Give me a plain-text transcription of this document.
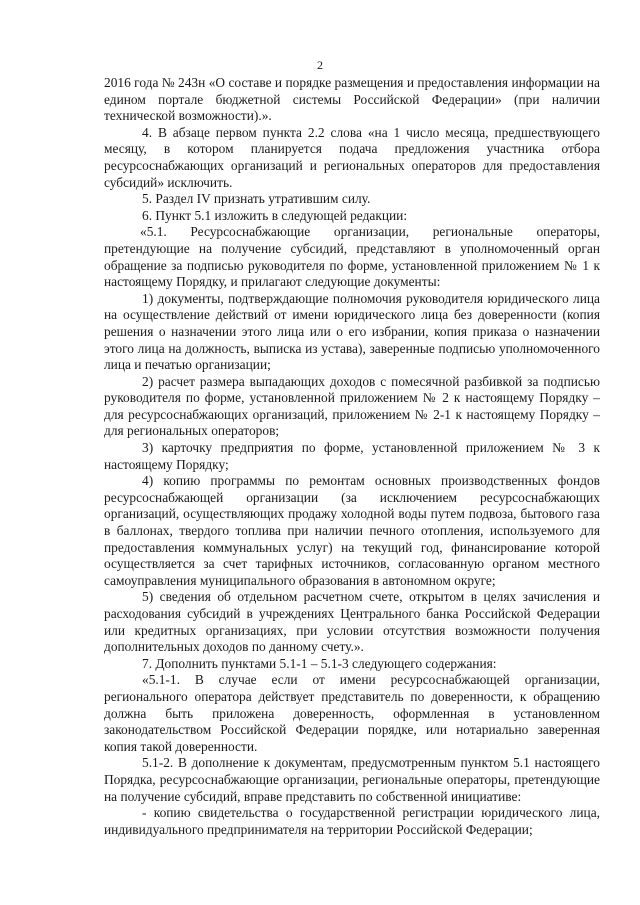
2

2016 года № 243н «О составе и порядке размещения и предоставления информации на едином портале бюджетной системы Российской Федерации» (при наличии технической возможности).».

4. В абзаце первом пункта 2.2 слова «на 1 число месяца, предшествующего месяцу, в котором планируется подача предложения участника отбора ресурсоснабжающих организаций и региональных операторов для предоставления субсидий» исключить.

5. Раздел IV признать утратившим силу.

6. Пункт 5.1 изложить в следующей редакции:

«5.1. Ресурсоснабжающие организации, региональные операторы, претендующие на получение субсидий, представляют в уполномоченный орган обращение за подписью руководителя по форме, установленной приложением № 1 к настоящему Порядку, и прилагают следующие документы:

1) документы, подтверждающие полномочия руководителя юридического лица на осуществление действий от имени юридического лица без доверенности (копия решения о назначении этого лица или о его избрании, копия приказа о назначении этого лица на должность, выписка из устава), заверенные подписью уполномоченного лица и печатью организации;

2) расчет размера выпадающих доходов с помесячной разбивкой за подписью руководителя по форме, установленной приложением № 2 к настоящему Порядку – для ресурсоснабжающих организаций, приложением № 2-1 к настоящему Порядку – для региональных операторов;

3) карточку предприятия по форме, установленной приложением № 3 к настоящему Порядку;

4) копию программы по ремонтам основных производственных фондов ресурсоснабжающей организации (за исключением ресурсоснабжающих организаций, осуществляющих продажу холодной воды путем подвоза, бытового газа в баллонах, твердого топлива при наличии печного отопления, используемого для предоставления коммунальных услуг) на текущий год, финансирование которой осуществляется за счет тарифных источников, согласованную органом местного самоуправления муниципального образования в автономном округе;

5) сведения об отдельном расчетном счете, открытом в целях зачисления и расходования субсидий в учреждениях Центрального банка Российской Федерации или кредитных организациях, при условии отсутствия возможности получения дополнительных доходов по данному счету.».

7. Дополнить пунктами 5.1-1 – 5.1-3 следующего содержания:

«5.1-1. В случае если от имени ресурсоснабжающей организации, регионального оператора действует представитель по доверенности, к обращению должна быть приложена доверенность, оформленная в установленном законодательством Российской Федерации порядке, или нотариально заверенная копия такой доверенности.

5.1-2. В дополнение к документам, предусмотренным пунктом 5.1 настоящего Порядка, ресурсоснабжающие организации, региональные операторы, претендующие на получение субсидий, вправе представить по собственной инициативе:

- копию свидетельства о государственной регистрации юридического лица, индивидуального предпринимателя на территории Российской Федерации;
